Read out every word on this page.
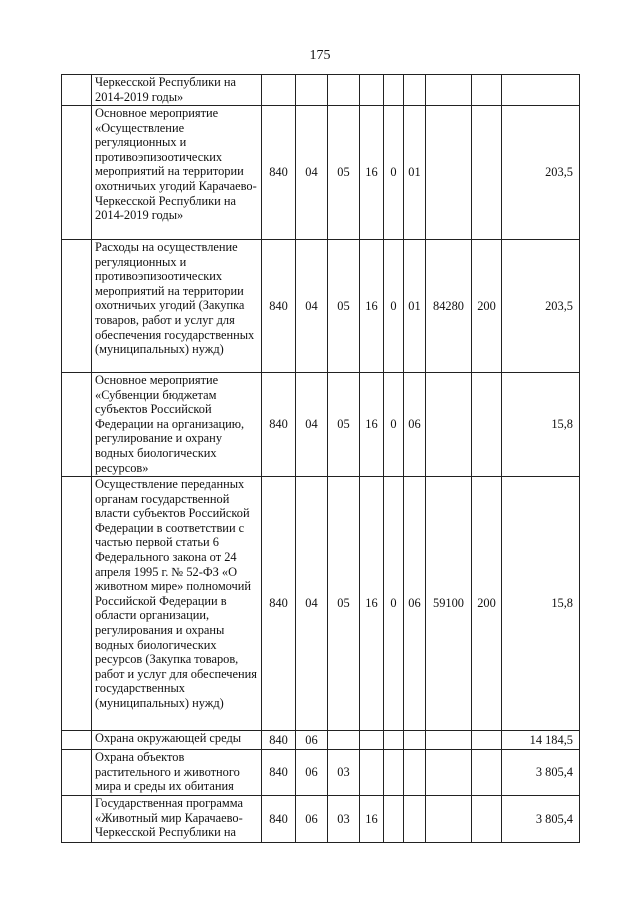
175
	Черкесской Республики на 2014-2019 годы»									
	Основное мероприятие «Осуществление регуляционных и противоэпизоотических мероприятий на территории охотничьих угодий Карачаево-Черкесской Республики на 2014-2019 годы»	840	04	05	16	0	01			203,5
	Расходы на осуществление регуляционных и противоэпизоотических мероприятий на территории охотничьих угодий (Закупка товаров, работ и услуг для обеспечения государственных (муниципальных) нужд)	840	04	05	16	0	01	84280	200	203,5
	Основное мероприятие «Субвенции бюджетам субъектов Российской Федерации на организацию, регулирование и охрану водных биологических ресурсов»	840	04	05	16	0	06			15,8
	Осуществление переданных органам государственной власти субъектов Российской Федерации в соответствии с частью первой статьи 6 Федерального закона от 24 апреля 1995 г. № 52-ФЗ «О животном мире» полномочий Российской Федерации в области организации, регулирования и охраны водных биологических ресурсов (Закупка товаров, работ и услуг для обеспечения государственных (муниципальных) нужд)	840	04	05	16	0	06	59100	200	15,8
	Охрана окружающей среды	840	06							14 184,5
	Охрана объектов растительного и животного мира и среды их обитания	840	06	03						3 805,4
	Государственная программа «Животный мир Карачаево-Черкесской Республики на	840	06	03	16					3 805,4
